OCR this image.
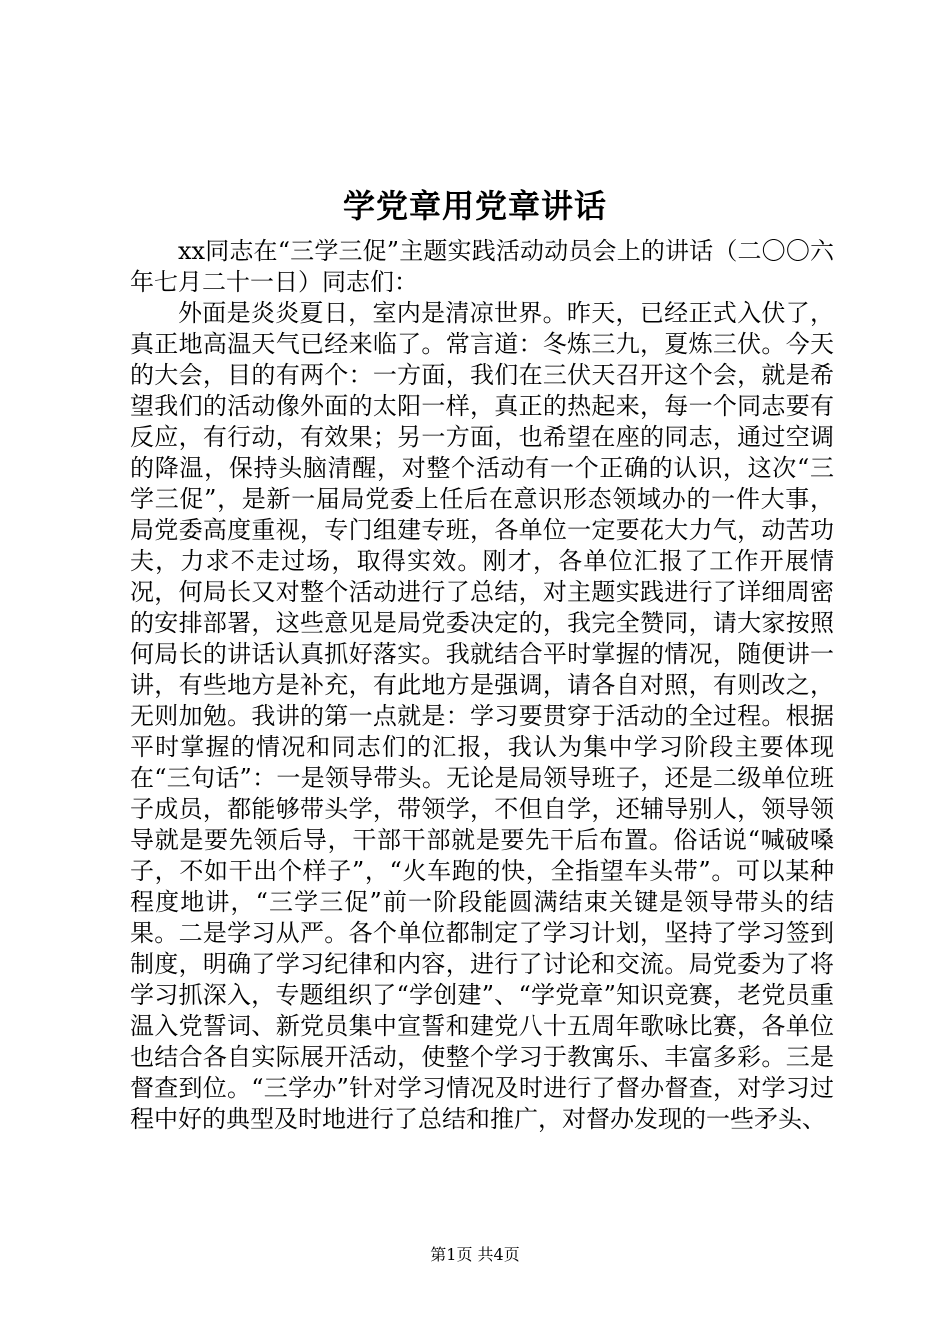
学党章用党章讲话

xx同志在“三学三促”主题实践活动动员会上的讲话（二〇〇六年七月二十一日）同志们：

外面是炎炎夏日，室内是清凉世界。昨天，已经正式入伏了，真正地高温天气已经来临了。常言道：冬炼三九，夏炼三伏。今天的大会，目的有两个：一方面，我们在三伏天召开这个会，就是希望我们的活动像外面的太阳一样，真正的热起来，每一个同志要有反应，有行动，有效果；另一方面，也希望在座的同志，通过空调的降温，保持头脑清醒，对整个活动有一个正确的认识，这次“三学三促”，是新一届局党委上任后在意识形态领域办的一件大事，局党委高度重视，专门组建专班，各单位一定要花大力气，动苦功夫，力求不走过场，取得实效。刚才，各单位汇报了工作开展情况，何局长又对整个活动进行了总结，对主题实践进行了详细周密的安排部署，这些意见是局党委决定的，我完全赞同，请大家按照何局长的讲话认真抓好落实。我就结合平时掌握的情况，随便讲一讲，有些地方是补充，有此地方是强调，请各自对照，有则改之，无则加勉。我讲的第一点就是：学习要贯穿于活动的全过程。根据平时掌握的情况和同志们的汇报，我认为集中学习阶段主要体现在“三句话”：一是领导带头。无论是局领导班子，还是二级单位班子成员，都能够带头学，带领学，不但自学，还辅导别人，领导领导就是要先领后导，干部干部就是要先干后布置。俗话说“喊破嗓子，不如干出个样子”，“火车跑的快，全指望车头带”。可以某种程度地讲，“三学三促”前一阶段能圆满结束关键是领导带头的结果。二是学习从严。各个单位都制定了学习计划，坚持了学习签到制度，明确了学习纪律和内容，进行了讨论和交流。局党委为了将学习抓深入，专题组织了“学创建”、“学党章”知识竞赛，老党员重温入党誓词、新党员集中宣誓和建党八十五周年歌咏比赛，各单位也结合各自实际展开活动，使整个学习于教寓乐、丰富多彩。三是督查到位。“三学办”针对学习情况及时进行了督办督查，对学习过程中好的典型及时地进行了总结和推广，对督办发现的一些矛头、

第1页 共4页
